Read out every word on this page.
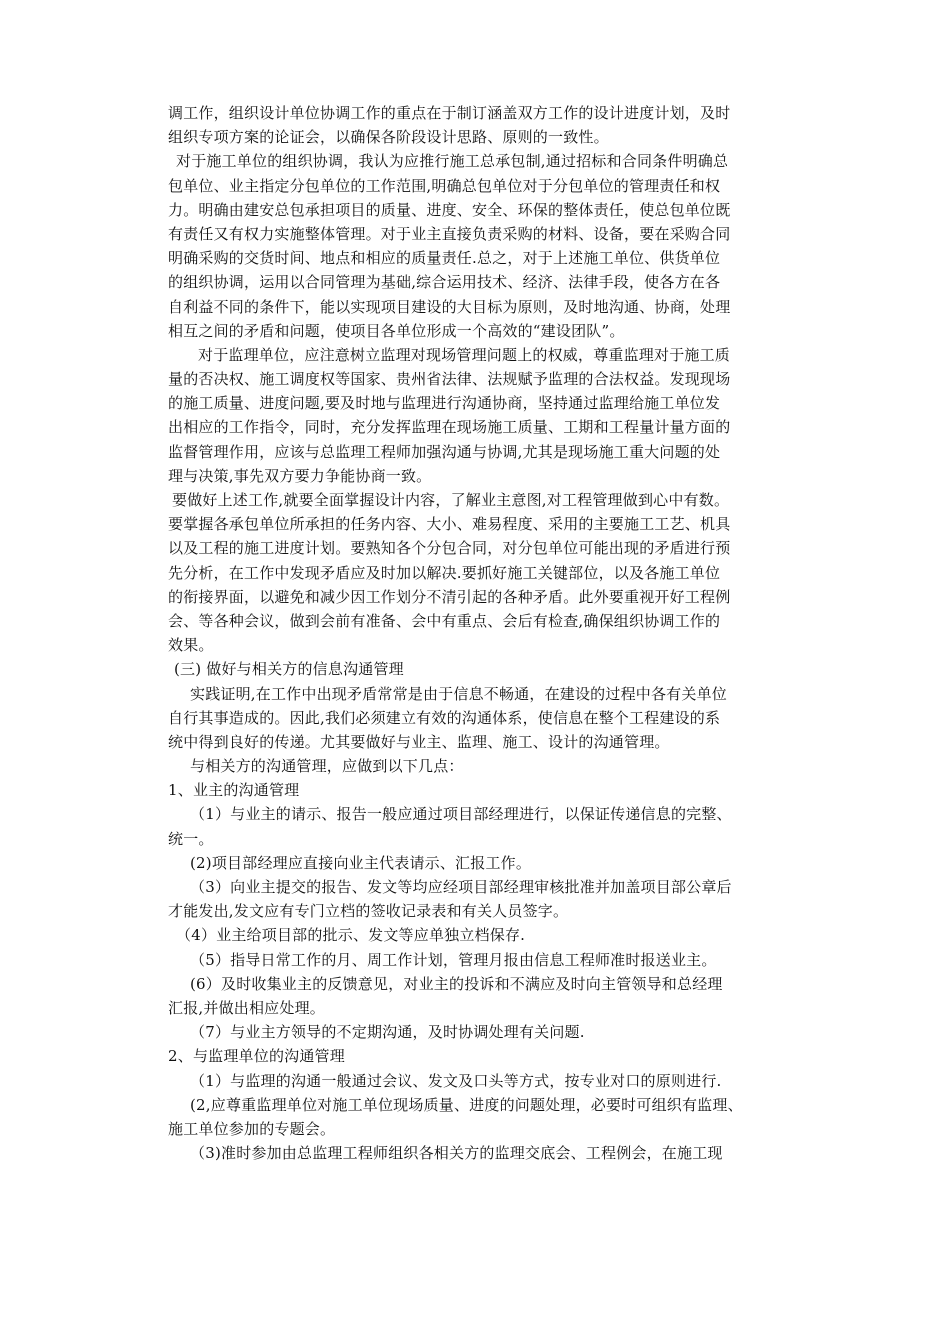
调工作，组织设计单位协调工作的重点在于制订涵盖双方工作的设计进度计划，及时
组织专项方案的论证会，以确保各阶段设计思路、原则的一致性。
对于施工单位的组织协调，我认为应推行施工总承包制,通过招标和合同条件明确总
包单位、业主指定分包单位的工作范围,明确总包单位对于分包单位的管理责任和权
力。明确由建安总包承担项目的质量、进度、安全、环保的整体责任，使总包单位既
有责任又有权力实施整体管理。对于业主直接负责采购的材料、设备，要在采购合同
明确采购的交货时间、地点和相应的质量责任.总之，对于上述施工单位、供货单位
的组织协调，运用以合同管理为基础,综合运用技术、经济、法律手段，使各方在各
自利益不同的条件下，能以实现项目建设的大目标为原则，及时地沟通、协商，处理
相互之间的矛盾和问题，使项目各单位形成一个高效的“建设团队”。
对于监理单位，应注意树立监理对现场管理问题上的权威，尊重监理对于施工质
量的否决权、施工调度权等国家、贵州省法律、法规赋予监理的合法权益。发现现场
的施工质量、进度问题,要及时地与监理进行沟通协商，坚持通过监理给施工单位发
出相应的工作指令，同时，充分发挥监理在现场施工质量、工期和工程量计量方面的
监督管理作用，应该与总监理工程师加强沟通与协调,尤其是现场施工重大问题的处
理与决策,事先双方要力争能协商一致。
要做好上述工作,就要全面掌握设计内容，了解业主意图,对工程管理做到心中有数。
要掌握各承包单位所承担的任务内容、大小、难易程度、采用的主要施工工艺、机具
以及工程的施工进度计划。要熟知各个分包合同，对分包单位可能出现的矛盾进行预
先分析，在工作中发现矛盾应及时加以解决.要抓好施工关键部位，以及各施工单位
的衔接界面，以避免和减少因工作划分不清引起的各种矛盾。此外要重视开好工程例
会、等各种会议，做到会前有准备、会中有重点、会后有检查,确保组织协调工作的
效果。
(三) 做好与相关方的信息沟通管理
实践证明,在工作中出现矛盾常常是由于信息不畅通，在建设的过程中各有关单位
自行其事造成的。因此,我们必须建立有效的沟通体系，使信息在整个工程建设的系
统中得到良好的传递。尤其要做好与业主、监理、施工、设计的沟通管理。
与相关方的沟通管理，应做到以下几点：
1、业主的沟通管理
（1）与业主的请示、报告一般应通过项目部经理进行，以保证传递信息的完整、
统一。
(2)项目部经理应直接向业主代表请示、汇报工作。
（3）向业主提交的报告、发文等均应经项目部经理审核批准并加盖项目部公章后
才能发出,发文应有专门立档的签收记录表和有关人员签字。
（4）业主给项目部的批示、发文等应单独立档保存.
（5）指导日常工作的月、周工作计划，管理月报由信息工程师准时报送业主。
(6）及时收集业主的反馈意见，对业主的投诉和不满应及时向主管领导和总经理
汇报,并做出相应处理。
（7）与业主方领导的不定期沟通，及时协调处理有关问题.
2、与监理单位的沟通管理
（1）与监理的沟通一般通过会议、发文及口头等方式，按专业对口的原则进行.
(2,应尊重监理单位对施工单位现场质量、进度的问题处理，必要时可组织有监理、
施工单位参加的专题会。
（3)准时参加由总监理工程师组织各相关方的监理交底会、工程例会，在施工现
